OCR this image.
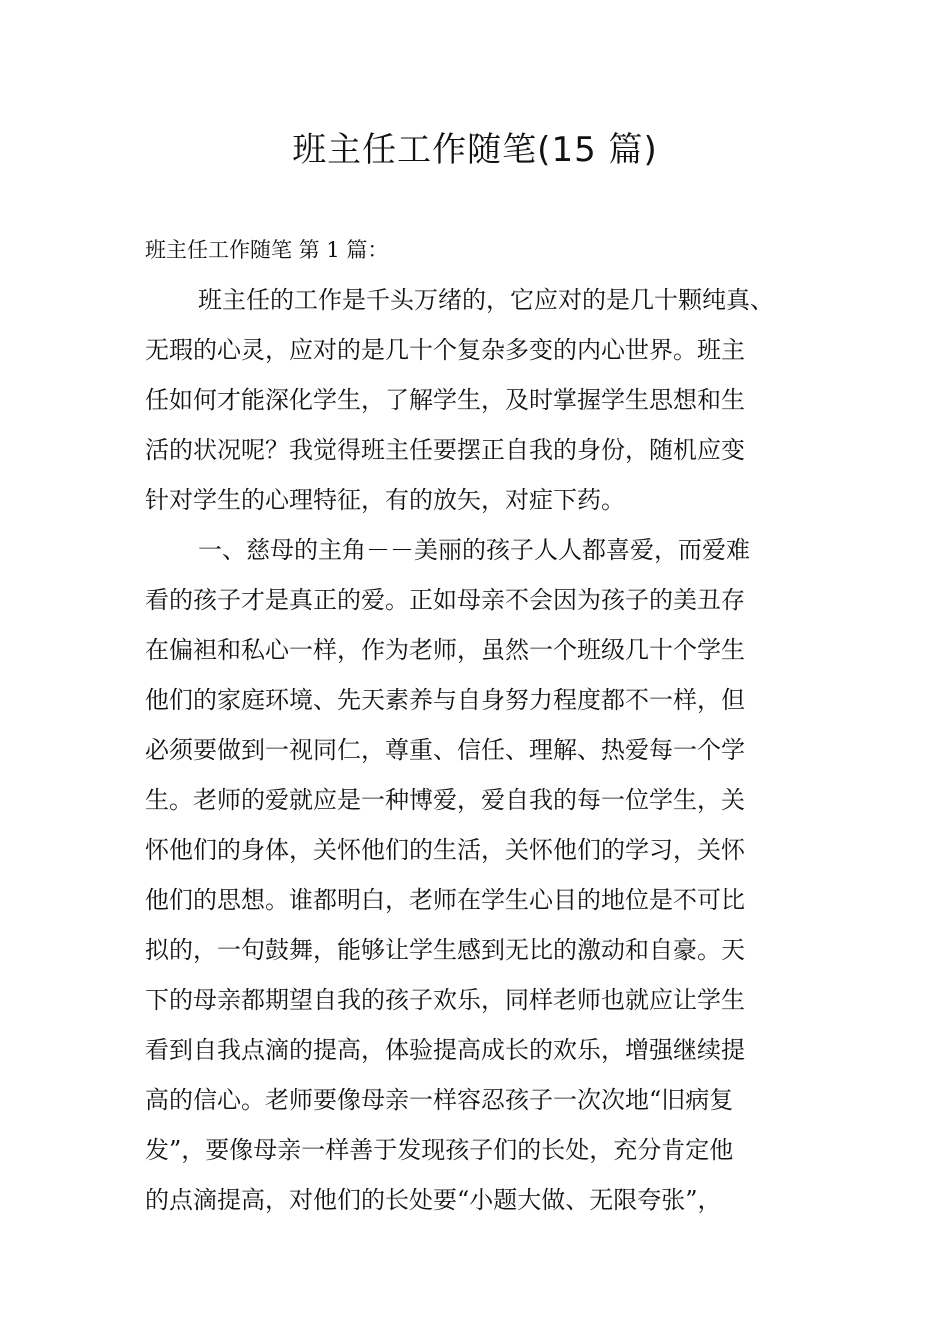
班主任工作随笔(15 篇)

班主任工作随笔 第 1 篇：

班主任的工作是千头万绪的，它应对的是几十颗纯真、

无瑕的心灵，应对的是几十个复杂多变的内心世界。班主

任如何才能深化学生，了解学生，及时掌握学生思想和生

活的状况呢？我觉得班主任要摆正自我的身份，随机应变

针对学生的心理特征，有的放矢，对症下药。

一、慈母的主角－－美丽的孩子人人都喜爱，而爱难

看的孩子才是真正的爱。正如母亲不会因为孩子的美丑存

在偏袒和私心一样，作为老师，虽然一个班级几十个学生

他们的家庭环境、先天素养与自身努力程度都不一样，但

必须要做到一视同仁，尊重、信任、理解、热爱每一个学

生。老师的爱就应是一种博爱，爱自我的每一位学生，关

怀他们的身体，关怀他们的生活，关怀他们的学习，关怀

他们的思想。谁都明白，老师在学生心目的地位是不可比

拟的，一句鼓舞，能够让学生感到无比的激动和自豪。天

下的母亲都期望自我的孩子欢乐，同样老师也就应让学生

看到自我点滴的提高，体验提高成长的欢乐，增强继续提

高的信心。老师要像母亲一样容忍孩子一次次地“旧病复

发”，要像母亲一样善于发现孩子们的长处，充分肯定他

的点滴提高，对他们的长处要“小题大做、无限夸张”，
